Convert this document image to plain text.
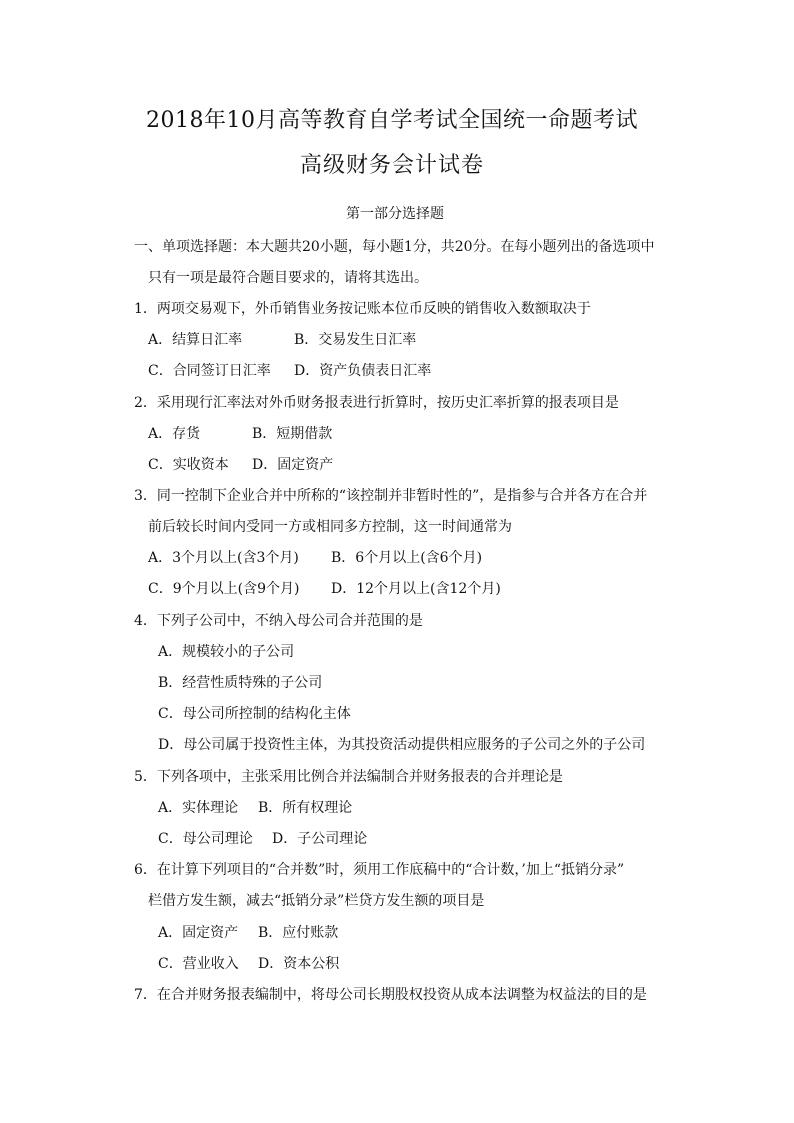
2018年10月高等教育自学考试全国统一命题考试
高级财务会计试卷
第一部分选择题
一、单项选择题：本大题共20小题，每小题1分，共20分。在每小题列出的备选项中
只有一项是最符合题目要求的，请将其选出。
1．两项交易观下，外币销售业务按记账本位币反映的销售收入数额取决于
A．结算日汇率	B．交易发生日汇率
C．合同签订日汇率 D．资产负债表日汇率
2．采用现行汇率法对外币财务报表进行折算时，按历史汇率折算的报表项目是
A．存货	B．短期借款
C．实收资本 D．固定资产
3．同一控制下企业合并中所称的“该控制并非暂时性的”，是指参与合并各方在合并
前后较长时间内受同一方或相同多方控制，这一时间通常为
A．3个月以上(含3个月) B．6个月以上(含6个月)
C．9个月以上(含9个月) D．12个月以上(含12个月)
4．下列子公司中，不纳入母公司合并范围的是
A．规模较小的子公司
B．经营性质特殊的子公司
C．母公司所控制的结构化主体
D．母公司属于投资性主体，为其投资活动提供相应服务的子公司之外的子公司
5．下列各项中，主张采用比例合并法编制合并财务报表的合并理论是
A．实体理论 B．所有权理论
C．母公司理论 D．子公司理论
6．在计算下列项目的“合并数”时，须用工作底稿中的“合计数，’加上“抵销分录”
栏借方发生额，减去“抵销分录”栏贷方发生额的项目是
A．固定资产 B．应付账款
C．营业收入 D．资本公积
7．在合并财务报表编制中，将母公司长期股权投资从成本法调整为权益法的目的是
